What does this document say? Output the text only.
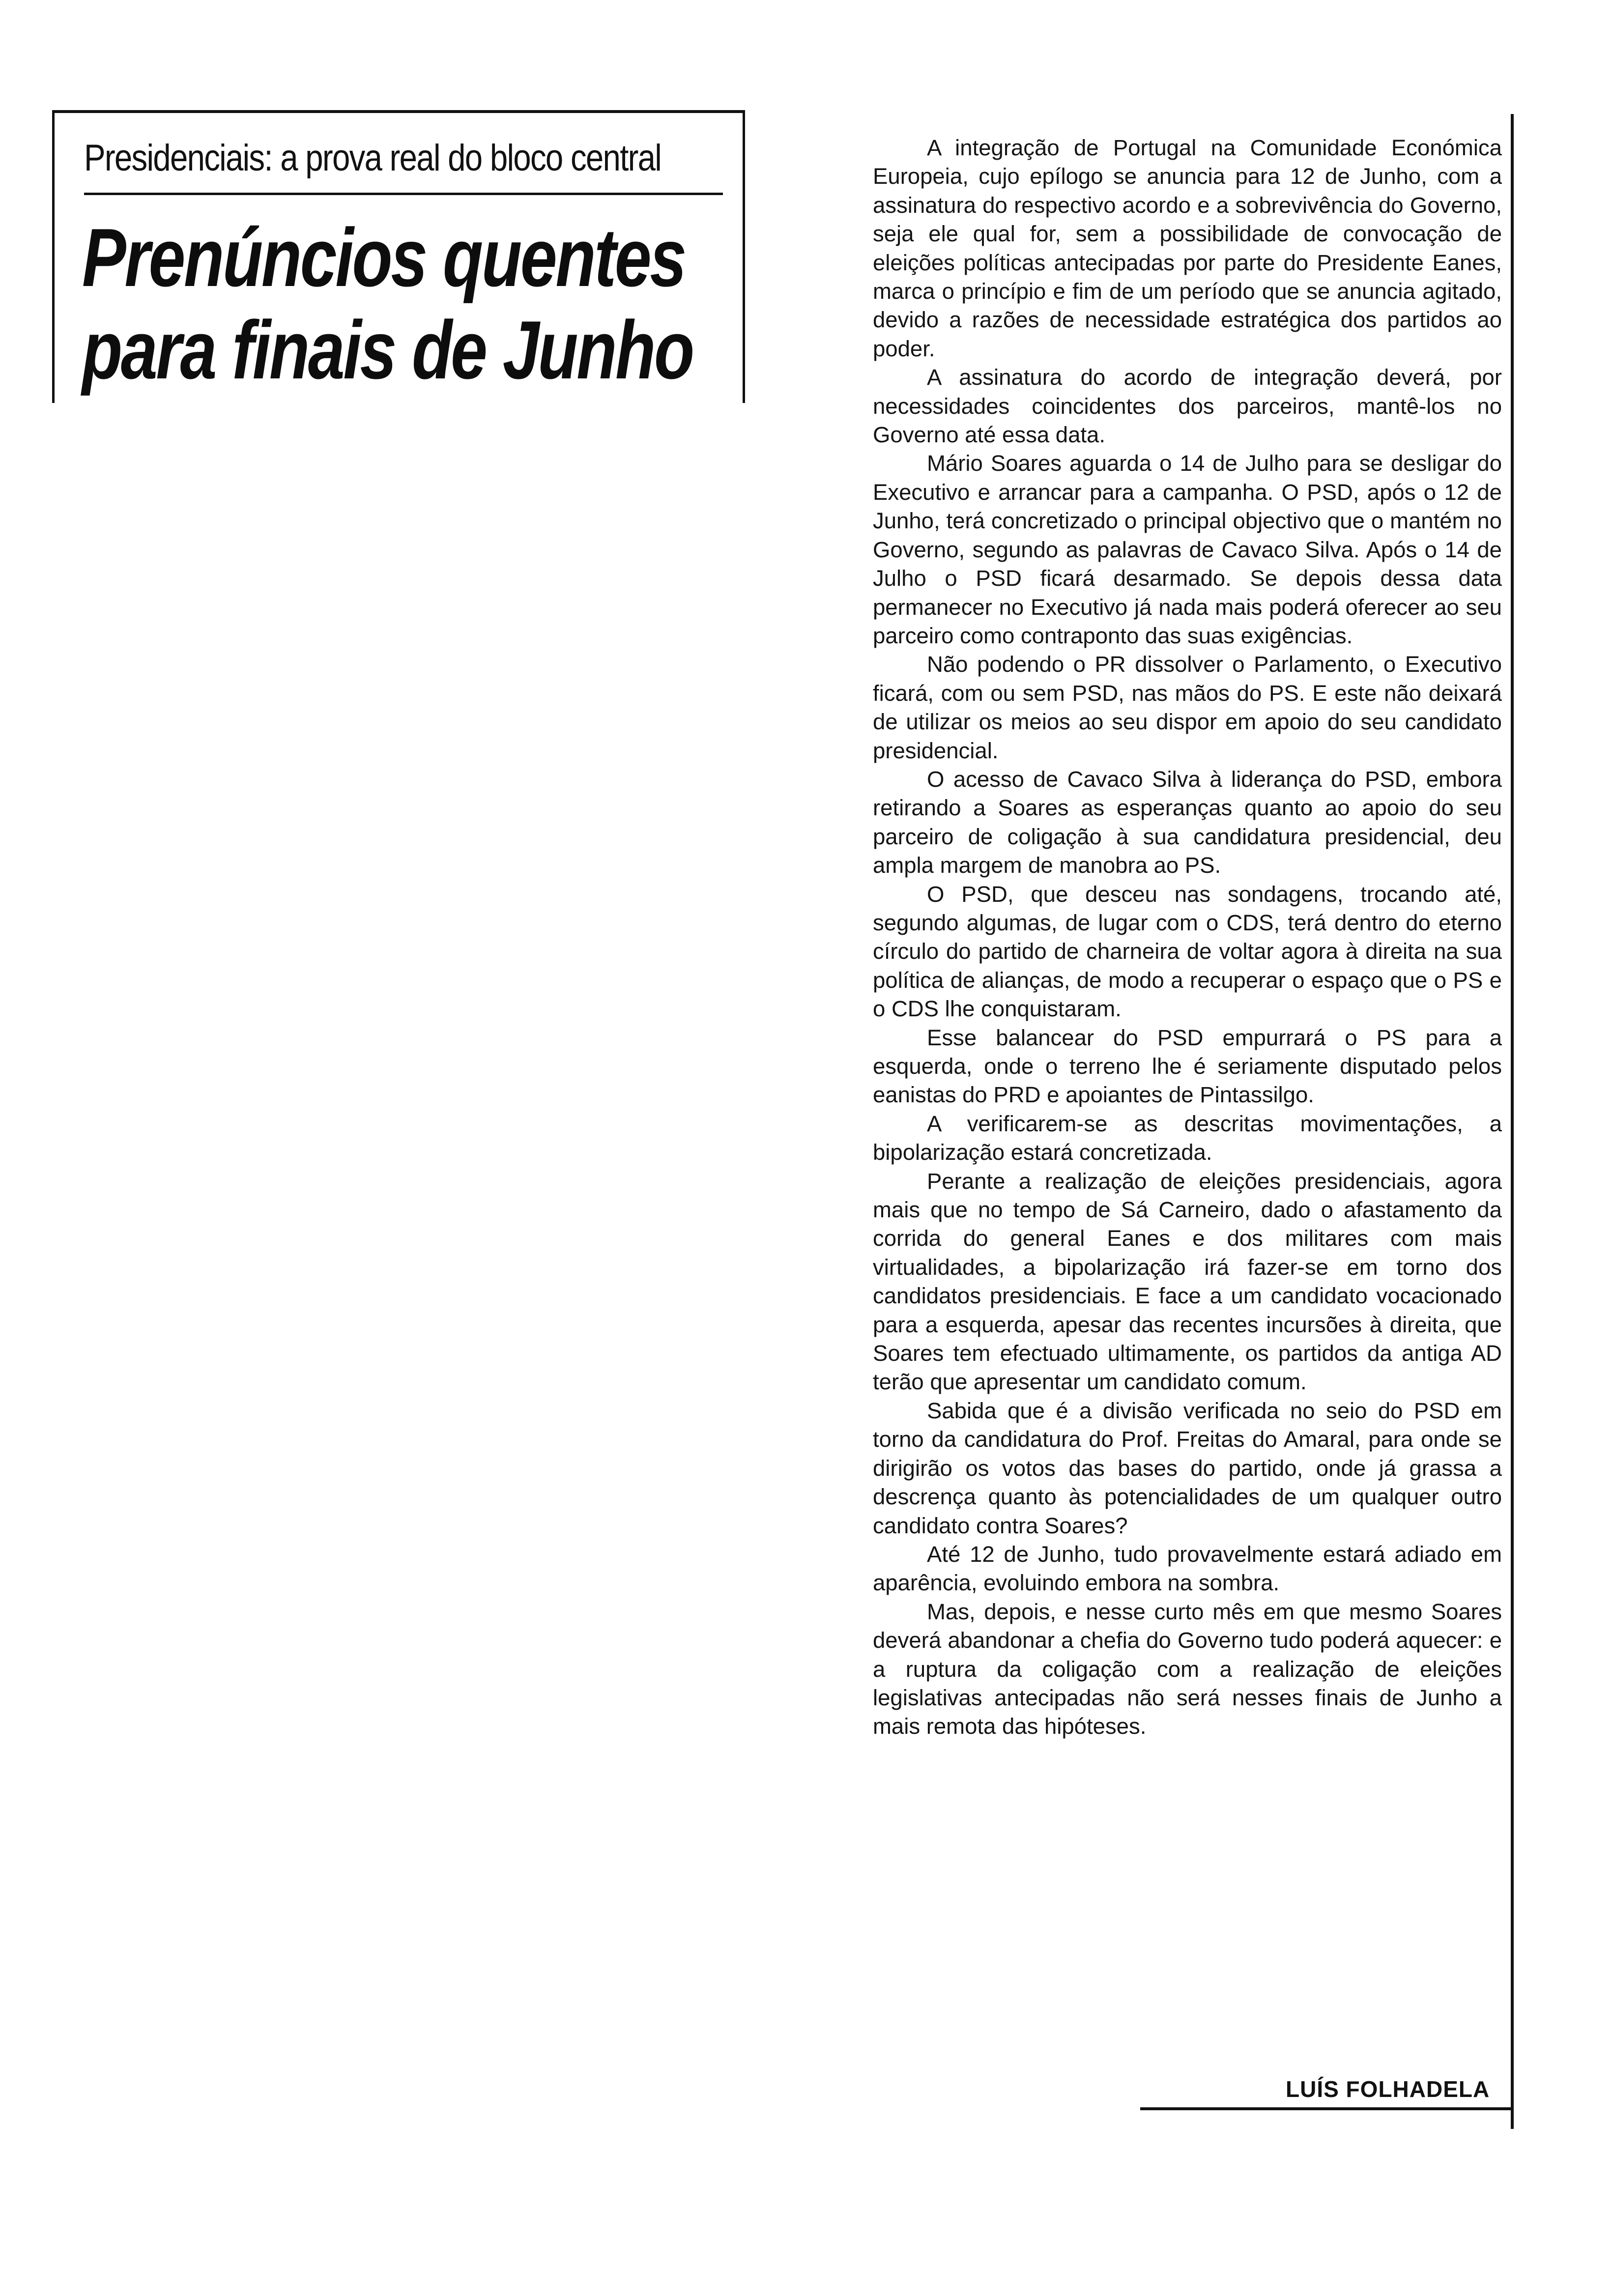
Presidenciais: a prova real do bloco central
Prenúncios quentes
para finais de Junho

A integração de Portugal na Comunidade Económica Europeia, cujo epílogo se anuncia para 12 de Junho, com a assinatura do respectivo acordo e a sobrevivência do Governo, seja ele qual for, sem a possibilidade de convocação de eleições políticas antecipadas por parte do Presidente Eanes, marca o princípio e fim de um período que se anuncia agitado, devido a razões de necessidade estratégica dos partidos ao poder.

A assinatura do acordo de integração deverá, por necessidades coincidentes dos parceiros, mantê-los no Governo até essa data.

Mário Soares aguarda o 14 de Julho para se desligar do Executivo e arrancar para a campanha. O PSD, após o 12 de Junho, terá concretizado o principal objectivo que o mantém no Governo, segundo as palavras de Cavaco Silva. Após o 14 de Julho o PSD ficará desarmado. Se depois dessa data permanecer no Executivo já nada mais poderá oferecer ao seu parceiro como contraponto das suas exigências.

Não podendo o PR dissolver o Parlamento, o Executivo ficará, com ou sem PSD, nas mãos do PS. E este não deixará de utilizar os meios ao seu dispor em apoio do seu candidato presidencial.

O acesso de Cavaco Silva à liderança do PSD, embora retirando a Soares as esperanças quanto ao apoio do seu parceiro de coligação à sua candidatura presidencial, deu ampla margem de manobra ao PS.

O PSD, que desceu nas sondagens, trocando até, segundo algumas, de lugar com o CDS, terá dentro do eterno círculo do partido de charneira de voltar agora à direita na sua política de alianças, de modo a recuperar o espaço que o PS e o CDS lhe conquistaram.

Esse balancear do PSD empurrará o PS para a esquerda, onde o terreno lhe é seriamente disputado pelos eanistas do PRD e apoiantes de Pintassilgo.

A verificarem-se as descritas movimentações, a bipolarização estará concretizada.

Perante a realização de eleições presidenciais, agora mais que no tempo de Sá Carneiro, dado o afastamento da corrida do general Eanes e dos militares com mais virtualidades, a bipolarização irá fazer-se em torno dos candidatos presidenciais. E face a um candidato vocacionado para a esquerda, apesar das recentes incursões à direita, que Soares tem efectuado ultimamente, os partidos da antiga AD terão que apresentar um candidato comum.

Sabida que é a divisão verificada no seio do PSD em torno da candidatura do Prof. Freitas do Amaral, para onde se dirigirão os votos das bases do partido, onde já grassa a descrença quanto às potencialidades de um qualquer outro candidato contra Soares?

Até 12 de Junho, tudo provavelmente estará adiado em aparência, evoluindo embora na sombra.

Mas, depois, e nesse curto mês em que mesmo Soares deverá abandonar a chefia do Governo tudo poderá aquecer: e a ruptura da coligação com a realização de eleições legislativas antecipadas não será nesses finais de Junho a mais remota das hipóteses.

LUÍS FOLHADELA
